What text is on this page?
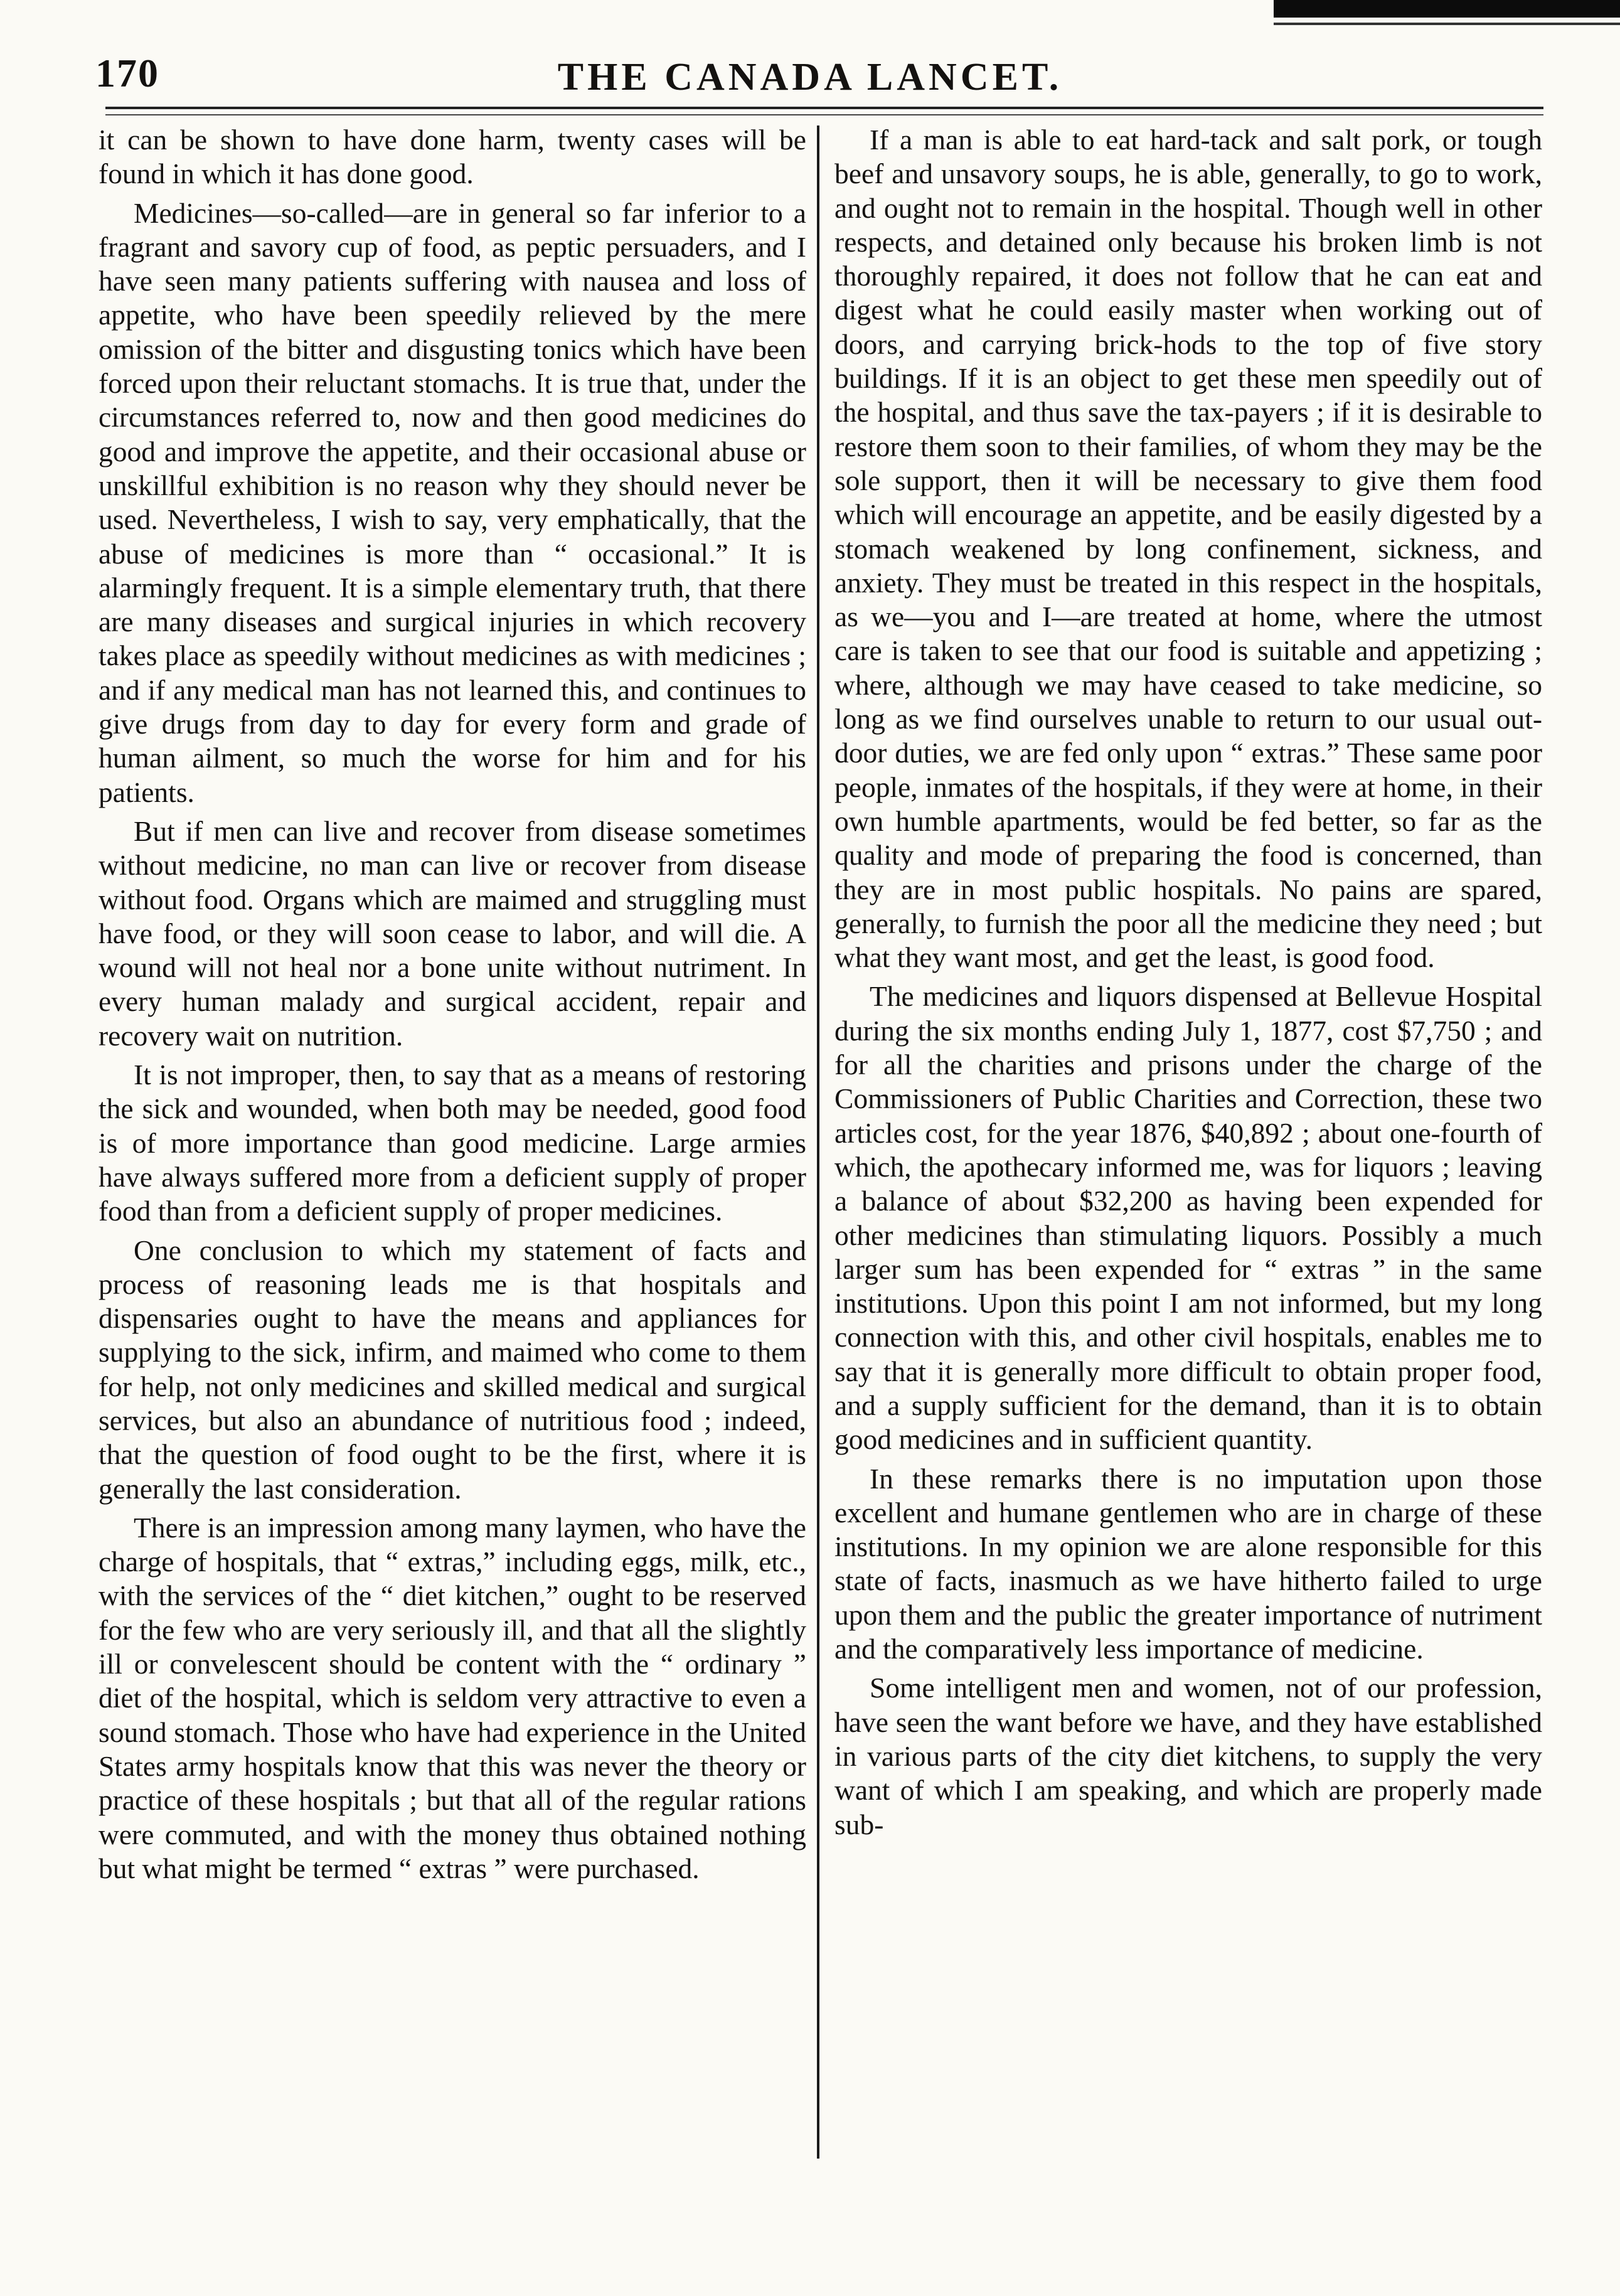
170	THE CANADA LANCET.

it can be shown to have done harm, twenty cases will be found in which it has done good.

Medicines—so-called—are in general so far inferior to a fragrant and savory cup of food, as peptic persuaders, and I have seen many patients suffering with nausea and loss of appetite, who have been speedily relieved by the mere omission of the bitter and disgusting tonics which have been forced upon their reluctant stomachs. It is true that, under the circumstances referred to, now and then good medicines do good and improve the appetite, and their occasional abuse or unskillful exhibition is no reason why they should never be used. Nevertheless, I wish to say, very emphatically, that the abuse of medicines is more than “ occasional.” It is alarmingly frequent. It is a simple elementary truth, that there are many diseases and surgical injuries in which recovery takes place as speedily without medicines as with medicines ; and if any medical man has not learned this, and continues to give drugs from day to day for every form and grade of human ailment, so much the worse for him and for his patients.

But if men can live and recover from disease sometimes without medicine, no man can live or recover from disease without food. Organs which are maimed and struggling must have food, or they will soon cease to labor, and will die. A wound will not heal nor a bone unite without nutriment. In every human malady and surgical accident, repair and recovery wait on nutrition.

It is not improper, then, to say that as a means of restoring the sick and wounded, when both may be needed, good food is of more importance than good medicine. Large armies have always suffered more from a deficient supply of proper food than from a deficient supply of proper medicines.

One conclusion to which my statement of facts and process of reasoning leads me is that hospitals and dispensaries ought to have the means and appliances for supplying to the sick, infirm, and maimed who come to them for help, not only medicines and skilled medical and surgical services, but also an abundance of nutritious food ; indeed, that the question of food ought to be the first, where it is generally the last consideration.

There is an impression among many laymen, who have the charge of hospitals, that “ extras,” including eggs, milk, etc., with the services of the “ diet kitchen,” ought to be reserved for the few who are very seriously ill, and that all the slightly ill or convelescent should be content with the “ ordinary ” diet of the hospital, which is seldom very attractive to even a sound stomach. Those who have had experience in the United States army hospitals know that this was never the theory or practice of these hospitals ; but that all of the regular rations were commuted, and with the money thus obtained nothing but what might be termed “ extras ” were purchased.

If a man is able to eat hard-tack and salt pork, or tough beef and unsavory soups, he is able, generally, to go to work, and ought not to remain in the hospital. Though well in other respects, and detained only because his broken limb is not thoroughly repaired, it does not follow that he can eat and digest what he could easily master when working out of doors, and carrying brick-hods to the top of five story buildings. If it is an object to get these men speedily out of the hospital, and thus save the tax-payers ; if it is desirable to restore them soon to their families, of whom they may be the sole support, then it will be necessary to give them food which will encourage an appetite, and be easily digested by a stomach weakened by long confinement, sickness, and anxiety. They must be treated in this respect in the hospitals, as we—you and I—are treated at home, where the utmost care is taken to see that our food is suitable and appetizing ; where, although we may have ceased to take medicine, so long as we find ourselves unable to return to our usual out-door duties, we are fed only upon “ extras.” These same poor people, inmates of the hospitals, if they were at home, in their own humble apartments, would be fed better, so far as the quality and mode of preparing the food is concerned, than they are in most public hospitals. No pains are spared, generally, to furnish the poor all the medicine they need ; but what they want most, and get the least, is good food.

The medicines and liquors dispensed at Bellevue Hospital during the six months ending July 1, 1877, cost $7,750 ; and for all the charities and prisons under the charge of the Commissioners of Public Charities and Correction, these two articles cost, for the year 1876, $40,892 ; about one-fourth of which, the apothecary informed me, was for liquors ; leaving a balance of about $32,200 as having been expended for other medicines than stimulating liquors. Possibly a much larger sum has been expended for “ extras ” in the same institutions. Upon this point I am not informed, but my long connection with this, and other civil hospitals, enables me to say that it is generally more difficult to obtain proper food, and a supply sufficient for the demand, than it is to obtain good medicines and in sufficient quantity.

In these remarks there is no imputation upon those excellent and humane gentlemen who are in charge of these institutions. In my opinion we are alone responsible for this state of facts, inasmuch as we have hitherto failed to urge upon them and the public the greater importance of nutriment and the comparatively less importance of medicine.

Some intelligent men and women, not of our profession, have seen the want before we have, and they have established in various parts of the city diet kitchens, to supply the very want of which I am speaking, and which are properly made sub-
